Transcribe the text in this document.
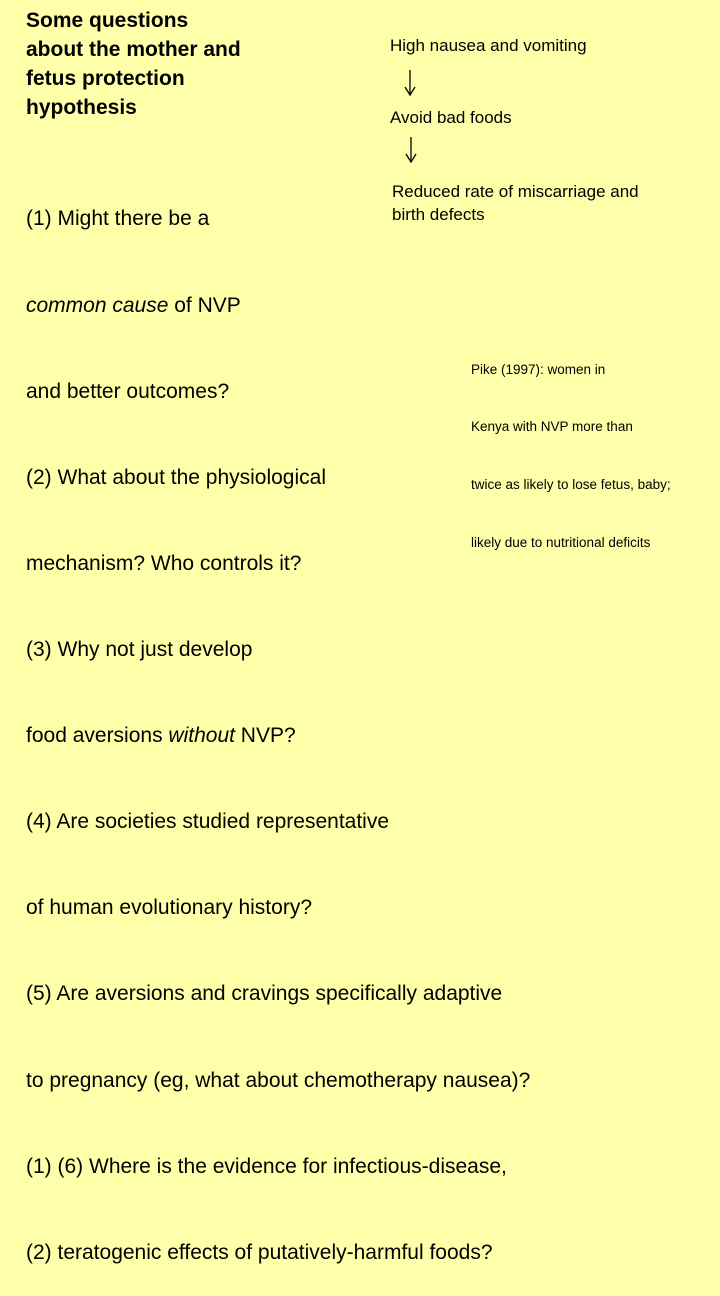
Some questions
about the mother and
fetus protection
hypothesis
High nausea and vomiting
Avoid bad foods
Reduced rate of miscarriage and
birth defects

(1) Might there be a

common cause of NVP

and better outcomes?

(2) What about the physiological

mechanism? Who controls it?

(3) Why not just develop

food aversions without NVP?

(4) Are societies studied representative

of human evolutionary history?

(5) Are aversions and cravings specifically adaptive

to pregnancy (eg, what about chemotherapy nausea)?

(1) (6) Where is the evidence for infectious-disease,

(2) teratogenic effects of putatively-harmful foods?

Pike (1997): women in

Kenya with NVP more than

twice as likely to lose fetus, baby;

likely due to nutritional deficits
